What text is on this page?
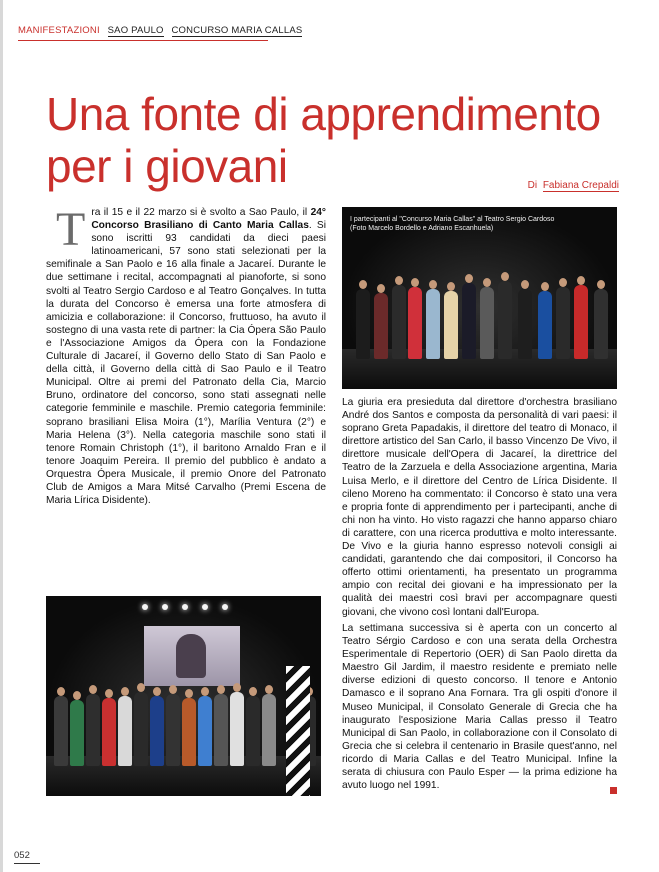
MANIFESTAZIONI SAO PAULO CONCURSO MARIA CALLAS
Una fonte di apprendimento per i giovani	Di Fabiana Crepaldi
T ra il 15 e il 22 marzo si è svolto a Sao Paulo, il 24° Concorso Brasiliano di Canto Maria Callas. Si sono iscritti 93 candidati da dieci paesi latinoamericani, 57 sono stati selezionati per la semifinale a San Paolo e 16 alla finale a Jacareí. Durante le due settimane i recital, accompagnati al pianoforte, si sono svolti al Teatro Sergio Cardoso e al Teatro Gonçalves. In tutta la durata del Concorso è emersa una forte atmosfera di amicizia e collaborazione: il Concorso, fruttuoso, ha avuto il sostegno di una vasta rete di partner: la Cia Ópera São Paulo e l'Associazione Amigos da Ópera con la Fondazione Culturale di Jacareí, il Governo dello Stato di San Paolo e della città, il Governo della città di Sao Paulo e il Teatro Municipal. Oltre ai premi del Patronato della Cia, Marcio Bruno, ordinatore del concorso, sono stati assegnati nelle categorie femminile e maschile. Premio categoria femminile: soprano brasiliani Elisa Moira (1°), Marília Ventura (2°) e Maria Helena (3°). Nella categoria maschile sono stati il tenore Romain Christoph (1°), il baritono Arnaldo Fran e il tenore Joaquim Pereira. Il premio del pubblico è andato a Orquestra Ópera Musicale, il premio Onore del Patronato Club de Amigos a Mara Mitsé Carvalho (Premi Escena de Maria Lírica Disidente).

I partecipanti al "Concurso Maria Callas" al Teatro Sergio Cardoso (Foto Marcelo Bordello e Adriano Escanhuela)

La giuria era presieduta dal direttore d'orchestra brasiliano André dos Santos e composta da personalità di vari paesi: il soprano Greta Papadakis, il direttore del teatro di Monaco, il direttore artistico del San Carlo, il basso Vincenzo De Vivo, il direttore musicale dell'Opera di Jacareí, la direttrice del Teatro de la Zarzuela e della Associazione argentina, Maria Luisa Merlo, e il direttore del Centro de Lírica Disidente. Il cileno Moreno ha commentato: il Concorso è stato una vera e propria fonte di apprendimento per i partecipanti, anche di chi non ha vinto. Ho visto ragazzi che hanno apparso chiaro di carattere, con una ricerca produttiva e molto interessante. De Vivo e la giuria hanno espresso notevoli consigli ai candidati, garantendo che dai compositori, il Concorso ha offerto ottimi orientamenti, ha presentato un programma ampio con recital dei giovani e ha impressionato per la qualità dei maestri così bravi per accompagnare questi giovani, che vivono così lontani dall'Europa.

La settimana successiva si è aperta con un concerto al Teatro Sérgio Cardoso e con una serata della Orchestra Esperimentale di Repertorio (OER) di San Paolo diretta da Maestro Gil Jardim, il maestro residente e premiato nelle diverse edizioni di questo concorso. Il tenore e Antonio Damasco e il soprano Ana Fornara. Tra gli ospiti d'onore il Museo Municipal, il Consolato Generale di Grecia che ha inaugurato l'esposizione Maria Callas presso il Teatro Municipal di San Paolo, in collaborazione con il Consolato di Grecia che si celebra il centenario in Brasile quest'anno, nel ricordo di Maria Callas e del Teatro Municipal. Infine la serata di chiusura con Paulo Esper — la prima edizione ha avuto luogo nel 1991.

052
